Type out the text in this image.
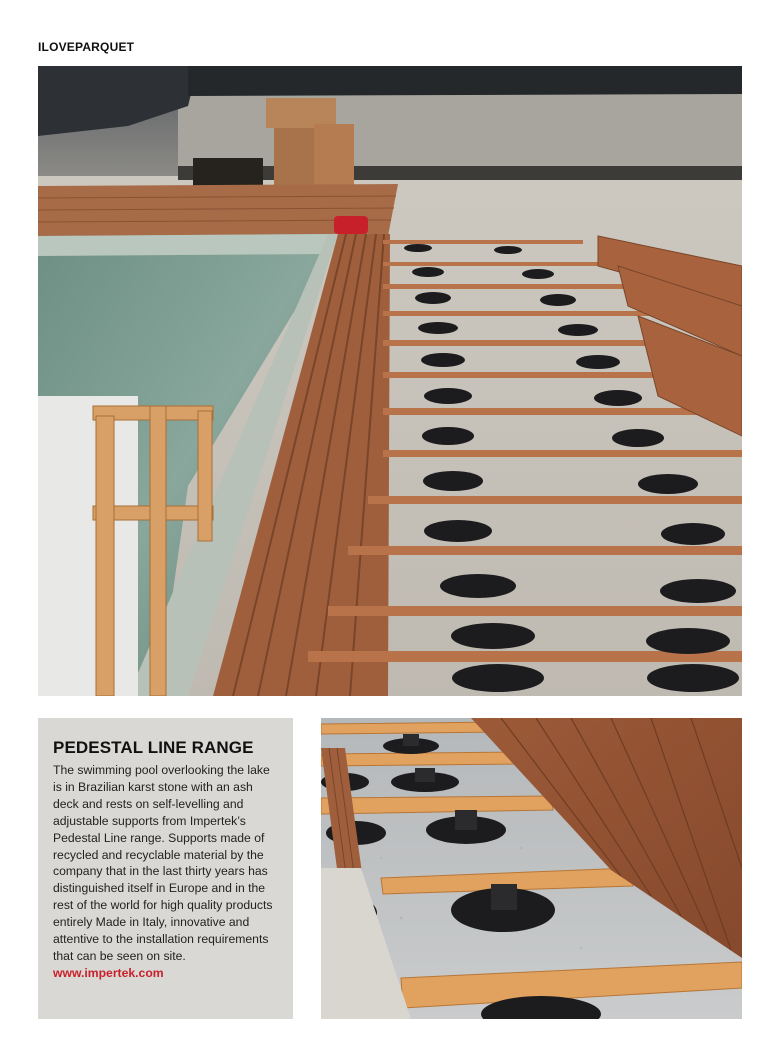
ILOVEPARQUET
PEDESTAL LINE RANGE
The swimming pool overlooking the lake is in Brazilian karst stone with an ash deck and rests on self-levelling and adjustable supports from Impertek’s Pedestal Line range. Supports made of recycled and recyclable material by the company that in the last thirty years has distinguished itself in Europe and in the rest of the world for high quality products entirely Made in Italy, innovative and attentive to the installation requirements that can be seen on site.
www.impertek.com
